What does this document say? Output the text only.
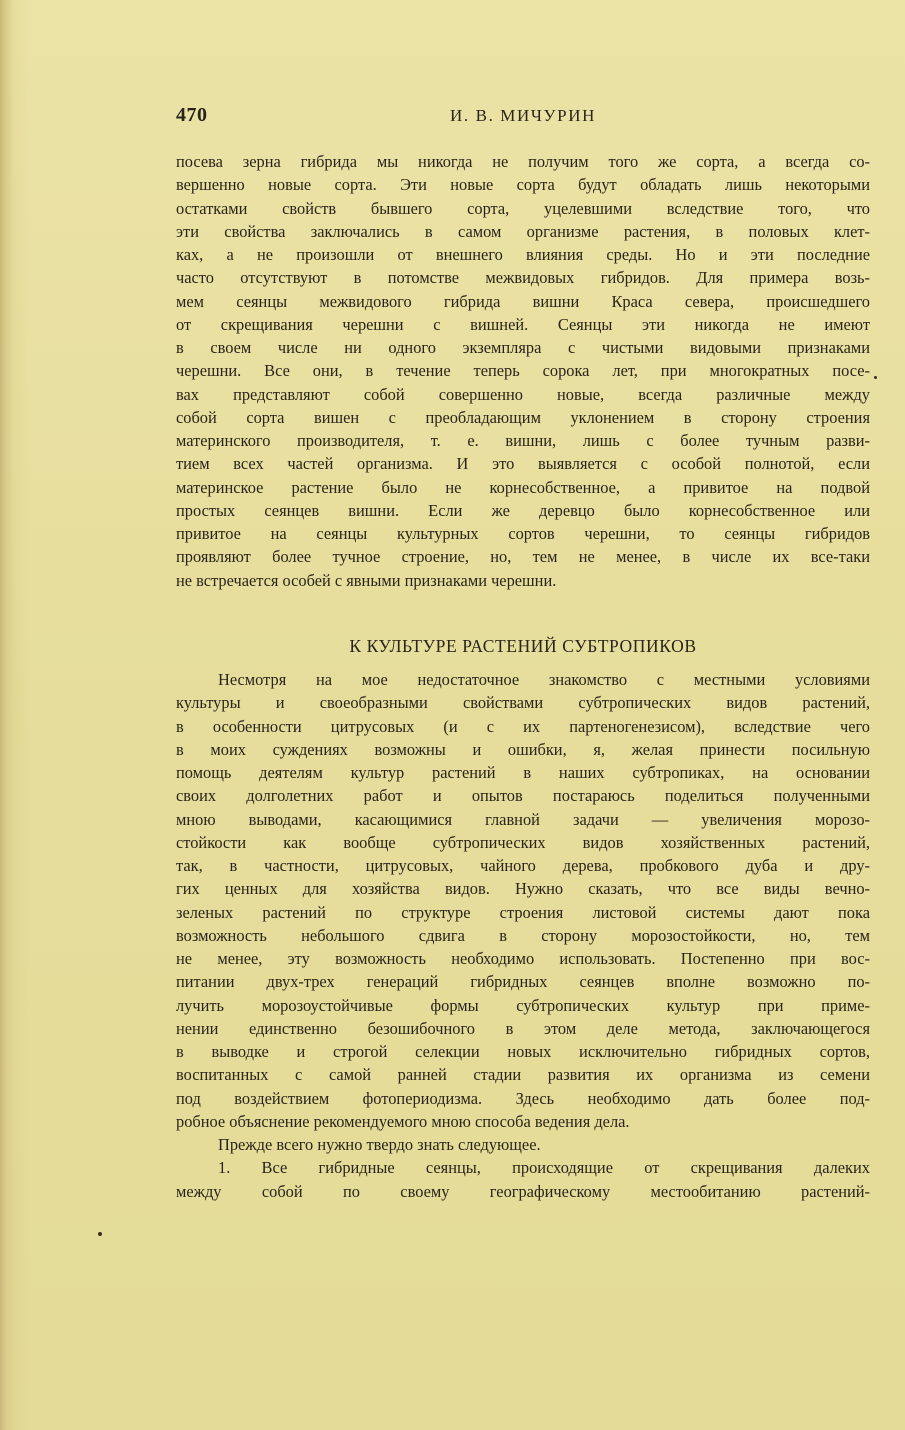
470	И. В. МИЧУРИН
посева зерна гибрида мы никогда не получим того же сорта, а всегда со-
вершенно новые сорта. Эти новые сорта будут обладать лишь некоторыми
остатками свойств бывшего сорта, уцелевшими вследствие того, что
эти свойства заключались в самом организме растения, в половых клет-
ках, а не произошли от внешнего влияния среды. Но и эти последние
часто отсутствуют в потомстве межвидовых гибридов. Для примера возь-
мем сеянцы межвидового гибрида вишни Краса севера, происшедшего
от скрещивания черешни с вишней. Сеянцы эти никогда не имеют
в своем числе ни одного экземпляра с чистыми видовыми признаками
черешни. Все они, в течение теперь сорока лет, при многократных посе-
вах представляют собой совершенно новые, всегда различные между
собой сорта вишен с преобладающим уклонением в сторону строения
материнского производителя, т. е. вишни, лишь с более тучным разви-
тием всех частей организма. И это выявляется с особой полнотой, если
материнское растение было не корнесобственное, а привитое на подвой
простых сеянцев вишни. Если же деревцо было корнесобственное или
привитое на сеянцы культурных сортов черешни, то сеянцы гибридов
проявляют более тучное строение, но, тем не менее, в числе их все-таки
не встречается особей с явными признаками черешни.
К КУЛЬТУРЕ РАСТЕНИЙ СУБТРОПИКОВ
Несмотря на мое недостаточное знакомство с местными условиями
культуры и своеобразными свойствами субтропических видов растений,
в особенности цитрусовых (и с их партеногенезисом), вследствие чего
в моих суждениях возможны и ошибки, я, желая принести посильную
помощь деятелям культур растений в наших субтропиках, на основании
своих долголетних работ и опытов постараюсь поделиться полученными
мною выводами, касающимися главной задачи — увеличения морозо-
стойкости как вообще субтропических видов хозяйственных растений,
так, в частности, цитрусовых, чайного дерева, пробкового дуба и дру-
гих ценных для хозяйства видов. Нужно сказать, что все виды вечно-
зеленых растений по структуре строения листовой системы дают пока
возможность небольшого сдвига в сторону морозостойкости, но, тем
не менее, эту возможность необходимо использовать. Постепенно при вос-
питании двух-трех генераций гибридных сеянцев вполне возможно по-
лучить морозоустойчивые формы субтропических культур при приме-
нении единственно безошибочного в этом деле метода, заключающегося
в выводке и строгой селекции новых исключительно гибридных сортов,
воспитанных с самой ранней стадии развития их организма из семени
под воздействием фотопериодизма. Здесь необходимо дать более под-
робное объяснение рекомендуемого мною способа ведения дела.
Прежде всего нужно твердо знать следующее.
1. Все гибридные сеянцы, происходящие от скрещивания далеких
между собой по своему географическому местообитанию растений-
